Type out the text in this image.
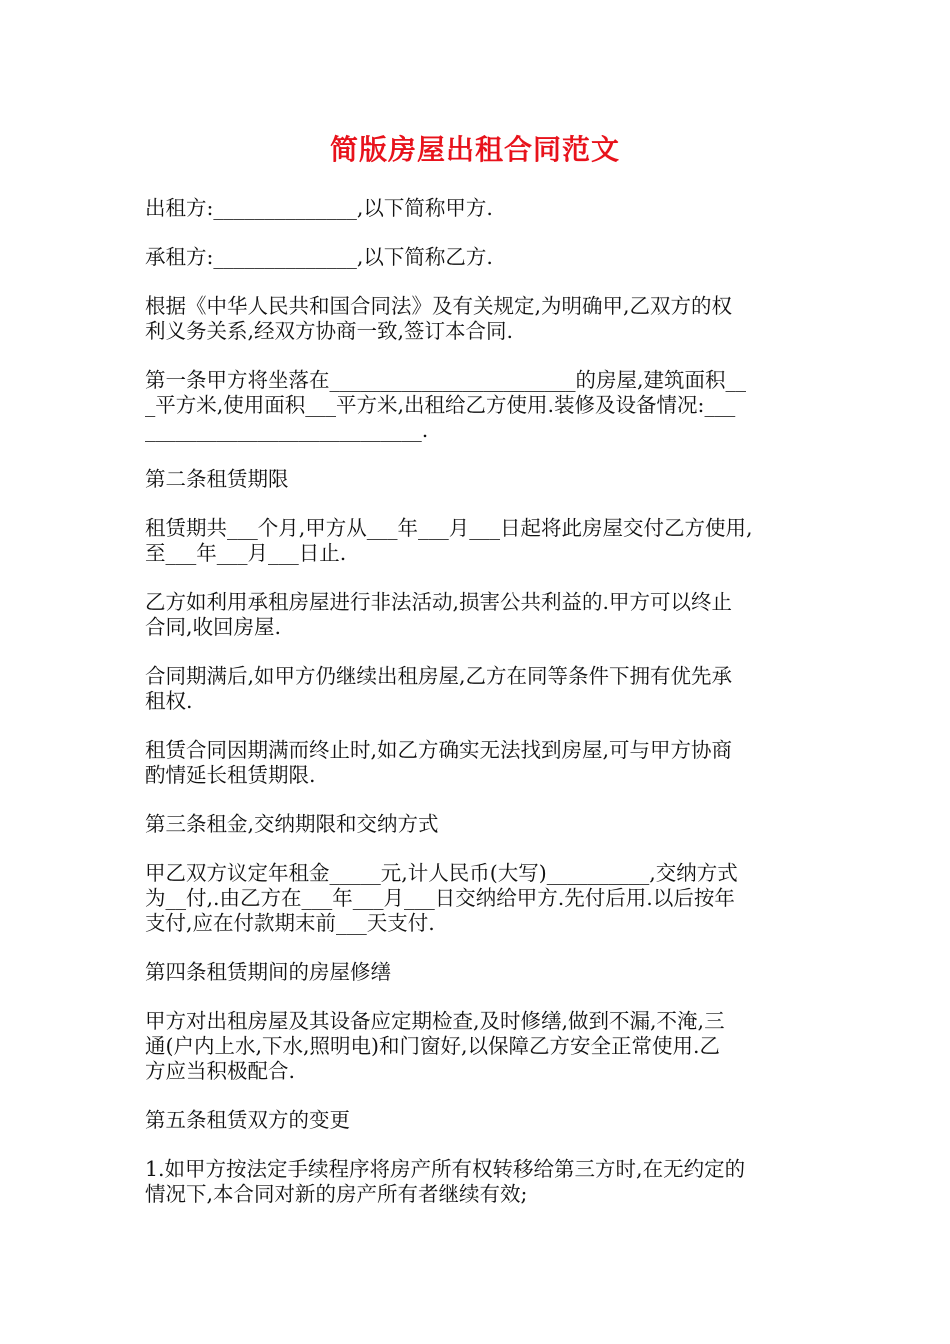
简版房屋出租合同范文
出租方:______________,以下简称甲方.
承租方:______________,以下简称乙方.
根据《中华人民共和国合同法》及有关规定,为明确甲,乙双方的权
利义务关系,经双方协商一致,签订本合同.
第一条甲方将坐落在________________________的房屋,建筑面积__
_平方米,使用面积___平方米,出租给乙方使用.装修及设备情况:___
___________________________.
第二条租赁期限
租赁期共___个月,甲方从___年___月___日起将此房屋交付乙方使用,
至___年___月___日止.
乙方如利用承租房屋进行非法活动,损害公共利益的.甲方可以终止
合同,收回房屋.
合同期满后,如甲方仍继续出租房屋,乙方在同等条件下拥有优先承
租权.
租赁合同因期满而终止时,如乙方确实无法找到房屋,可与甲方协商
酌情延长租赁期限.
第三条租金,交纳期限和交纳方式
甲乙双方议定年租金_____元,计人民币(大写)__________,交纳方式
为__付,.由乙方在___年___月___日交纳给甲方.先付后用.以后按年
支付,应在付款期末前___天支付.
第四条租赁期间的房屋修缮
甲方对出租房屋及其设备应定期检查,及时修缮,做到不漏,不淹,三
通(户内上水,下水,照明电)和门窗好,以保障乙方安全正常使用.乙
方应当积极配合.
第五条租赁双方的变更
1.如甲方按法定手续程序将房产所有权转移给第三方时,在无约定的
情况下,本合同对新的房产所有者继续有效;
